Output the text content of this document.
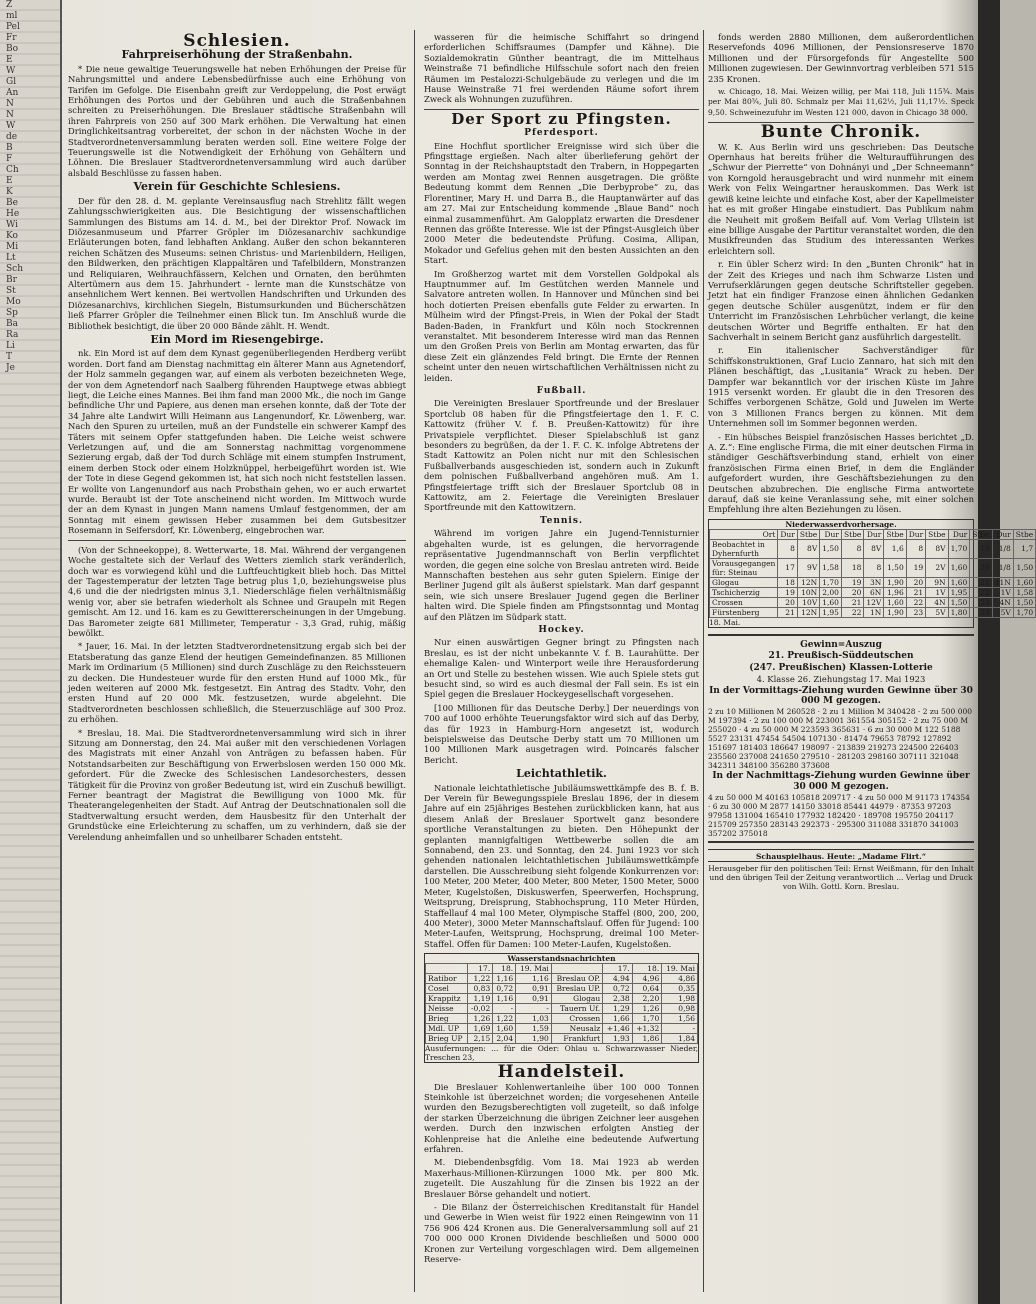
Z
ml
Pel
Fr
Bo
E
W
Gl
An
N
N
W
de
B
F
Ch
E
K
Be
He
Wi
Ko
Mi
Lt
Sch
Br
St
Mo
Sp
Ba
Ra
Li
T
Je
Schlesien.
Fahrpreiserhöhung der Straßenbahn.

* Die neue gewaltige Teuerungswelle hat neben Erhöhungen der Preise für Nahrungsmittel und andere Lebensbedürfnisse auch eine Erhöhung von Tarifen im Gefolge. Die Eisenbahn greift zur Verdoppelung, die Post erwägt Erhöhungen des Portos und der Gebühren und auch die Straßenbahnen schreiten zu Preiserhöhungen. Die Breslauer städtische Straßenbahn will ihren Fahrpreis von 250 auf 300 Mark erhöhen. Die Verwaltung hat einen Dringlichkeitsantrag vorbereitet, der schon in der nächsten Woche in der Stadtverordnetenversammlung beraten werden soll. Eine weitere Folge der Teuerungswelle ist die Notwendigkeit der Erhöhung von Gehältern und Löhnen. Die Breslauer Stadtverordnetenversammlung wird auch darüber alsbald Beschlüsse zu fassen haben.

Verein für Geschichte Schlesiens.

Der für den 28. d. M. geplante Vereinsausflug nach Strehlitz fällt wegen Zahlungsschwierigkeiten aus. Die Besichtigung der wissenschaftlichen Sammlungen des Bistums am 14. d. M., bei der Direktor Prof. Nowack im Diözesanmuseum und Pfarrer Gröpler im Diözesanarchiv sachkundige Erläuterungen boten, fand lebhaften Anklang. Außer den schon bekannteren reichen Schätzen des Museums: seinen Christus- und Marienbildern, Heiligen, den Bildwerken, den prächtigen Klappaltären und Tafelbildern, Monstranzen und Reliquiaren, Weihrauchfässern, Kelchen und Ornaten, den berühmten Altertümern aus dem 15. Jahrhundert - lernte man die Kunstschätze von ansehnlichem Wert kennen. Bei wertvollen Handschriften und Urkunden des Diözesanarchivs, kirchlichen Siegeln, Bistumsurkunden und Bücherschätzen ließ Pfarrer Gröpler die Teilnehmer einen Blick tun. Im Anschluß wurde die Bibliothek besichtigt, die über 20 000 Bände zählt. H. Wendt.

Ein Mord im Riesengebirge.

nk. Ein Mord ist auf dem dem Kynast gegenüberliegenden Herdberg verübt worden. Dort fand am Dienstag nachmittag ein älterer Mann aus Agnetendorf, der Holz sammeln gegangen war, auf einem als verboten bezeichneten Wege, der von dem Agnetendorf nach Saalberg führenden Hauptwege etwas abbiegt liegt, die Leiche eines Mannes. Bei ihm fand man 2000 Mk., die noch im Gange befindliche Uhr und Papiere, aus denen man ersehen konnte, daß der Tote der 34 Jahre alte Landwirt Willi Heimann aus Langenundorf, Kr. Löwenberg, war. Nach den Spuren zu urteilen, muß an der Fundstelle ein schwerer Kampf des Täters mit seinem Opfer stattgefunden haben. Die Leiche weist schwere Verletzungen auf, und die am Sonnerstag nachmittag vorgenommene Sezierung ergab, daß der Tod durch Schläge mit einem stumpfen Instrument, einem derben Stock oder einem Holzknüppel, herbeigeführt worden ist. Wie der Tote in diese Gegend gekommen ist, hat sich noch nicht feststellen lassen. Er wollte von Langenundorf aus nach Probsthain gehen, wo er auch erwartet wurde. Beraubt ist der Tote anscheinend nicht worden. Im Mittwoch wurde der an dem Kynast in jungen Mann namens Umlauf festgenommen, der am Sonntag mit einem gewissen Heber zusammen bei dem Gutsbesitzer Rosemann in Seifersdorf, Kr. Löwenberg, eingebrochen war.

(Von der Schneekoppe), 8. Wetterwarte, 18. Mai. Während der vergangenen Woche gestaltete sich der Verlauf des Wetters ziemlich stark veränderlich, doch war es vorwiegend kühl und die Luftfeuchtigkeit blieb hoch. Das Mittel der Tagestemperatur der letzten Tage betrug plus 1,0, beziehungsweise plus 4,6 und die der niedrigsten minus 3,1. Niederschläge fielen verhältnismäßig wenig vor, aber sie betrafen wiederholt als Schnee und Graupeln mit Regen gemischt. Am 12. und 16. kam es zu Gewittererscheinungen in der Umgebung. Das Barometer zeigte 681 Millimeter, Temperatur - 3,3 Grad, ruhig, mäßig bewölkt.

* Jauer, 16. Mai. In der letzten Stadtverordnetensitzung ergab sich bei der Etatsberatung das ganze Elend der heutigen Gemeindefinanzen. 85 Millionen Mark im Ordinarium (5 Millionen) sind durch Zuschläge zu den Reichssteuern zu decken. Die Hundesteuer wurde für den ersten Hund auf 1000 Mk., für jeden weiteren auf 2000 Mk. festgesetzt. Ein Antrag des Stadtv. Vohr, den ersten Hund auf 20 000 Mk. festzusetzen, wurde abgelehnt. Die Stadtverordneten beschlossen schließlich, die Steuerzuschläge auf 300 Proz. zu erhöhen.

* Breslau, 18. Mai. Die Stadtverordnetenversammlung wird sich in ihrer Sitzung am Donnerstag, den 24. Mai außer mit den verschiedenen Vorlagen des Magistrats mit einer Anzahl von Anträgen zu befassen haben. Für Notstandsarbeiten zur Beschäftigung von Erwerbslosen werden 150 000 Mk. gefordert. Für die Zwecke des Schlesischen Landesorchesters, dessen Tätigkeit für die Provinz von großer Bedeutung ist, wird ein Zuschuß bewilligt. Ferner beantragt der Magistrat die Bewilligung von 1000 Mk. für Theaterangelegenheiten der Stadt. Auf Antrag der Deutschnationalen soll die Stadtverwaltung ersucht werden, dem Hausbesitz für den Unterhalt der Grundstücke eine Erleichterung zu schaffen, um zu verhindern, daß sie der Verelendung anheimfallen und so unheilbarer Schaden entsteht.

wasseren für die heimische Schiffahrt so dringend erforderlichen Schiffsraumes (Dampfer und Kähne). Die Sozialdemokratin Günther beantragt, die im Mittelhaus Weinstraße 71 befindliche Hilfsschule sofort nach den freien Räumen im Pestalozzi-Schulgebäude zu verlegen und die im Hause Weinstraße 71 frei werdenden Räume sofort ihrem Zweck als Wohnungen zuzuführen.

Der Sport zu Pfingsten.
Pferdesport.

Eine Hochflut sportlicher Ereignisse wird sich über die Pfingsttage ergießen. Nach alter überlieferung gehört der Sonntag in der Reichshauptstadt den Trabern, in Hoppegarten werden am Montag zwei Rennen ausgetragen. Die größte Bedeutung kommt dem Rennen „Die Derbyprobe“ zu, das Florentiner, Mary H. und Darra B., die Hauptanwärter auf das am 27. Mai zur Entscheidung kommende „Blaue Band“ noch einmal zusammenführt. Am Galopplatz erwarten die Dresdener Rennen das größte Interesse. Wie ist der Pfingst-Ausgleich über 2000 Meter die bedeutendste Prüfung. Cosima, Allipan, Mokador und Gefelius gehen mit den besten Aussichten an den Start.

Im Großherzog wartet mit dem Vorstellen Goldpokal als Hauptnummer auf. Im Gestütchen werden Mannele und Salvatore antreten wollen. In Hannover und München sind bei hoch dotierten Preisen ebenfalls gute Felder zu erwarten. In Mülheim wird der Pfingst-Preis, in Wien der Pokal der Stadt Baden-Baden, in Frankfurt und Köln noch Stockrennen veranstaltet. Mit besonderem Interesse wird man das Rennen um den Großen Preis von Berlin am Montag erwarten, das für diese Zeit ein glänzendes Feld bringt. Die Ernte der Rennen scheint unter den neuen wirtschaftlichen Verhältnissen nicht zu leiden.

Fußball.

Die Vereinigten Breslauer Sportfreunde und der Breslauer Sportclub 08 haben für die Pfingstfeiertage den 1. F. C. Kattowitz (früher V. f. B. Preußen-Kattowitz) für ihre Privatspiele verpflichtet. Dieser Spielabschluß ist ganz besonders zu begrüßen, da der 1. F. C. K. infolge Abtretens der Stadt Kattowitz an Polen nicht nur mit den Schlesischen Fußballverbands ausgeschieden ist, sondern auch in Zukunft dem polnischen Fußballverband angehören muß. Am 1. Pfingstfeiertage trifft sich der Breslauer Sportclub 08 in Kattowitz, am 2. Feiertage die Vereinigten Breslauer Sportfreunde mit den Kattowitzern.

Tennis.

Während im vorigen Jahre ein Jugend-Tennisturnier abgehalten wurde, ist es gelungen, die hervorragende repräsentative Jugendmannschaft von Berlin verpflichtet worden, die gegen eine solche von Breslau antreten wird. Beide Mannschaften bestehen aus sehr guten Spielern. Einige der Berliner Jugend gilt als äußerst spielstark. Man darf gespannt sein, wie sich unsere Breslauer Jugend gegen die Berliner halten wird. Die Spiele finden am Pfingstsonntag und Montag auf den Plätzen im Südpark statt.

Hockey.

Nur einen auswärtigen Gegner bringt zu Pfingsten nach Breslau, es ist der nicht unbekannte V. f. B. Laurahütte. Der ehemalige Kalen- und Winterport weile ihre Herausforderung an Ort und Stelle zu bestehen wissen. Wie auch Spiele stets gut besucht sind, so wird es auch diesmal der Fall sein. Es ist ein Spiel gegen die Breslauer Hockeygesellschaft vorgesehen.

[100 Millionen für das Deutsche Derby.] Der neuerdings von 700 auf 1000 erhöhte Teuerungsfaktor wird sich auf das Derby, das für 1923 in Hamburg-Horn angesetzt ist, wodurch beispielsweise das Deutsche Derby statt um 70 Millionen um 100 Millionen Mark ausgetragen wird. Poincarés falscher Bericht.

Leichtathletik.

Nationale leichtathletische Jubiläumswettkämpfe des B. f. B. Der Verein für Bewegungsspiele Breslau 1896, der in diesem Jahre auf ein 25jähriges Bestehen zurückblicken kann, hat aus diesem Anlaß der Breslauer Sportwelt ganz besondere sportliche Veranstaltungen zu bieten. Den Höhepunkt der geplanten mannigfaltigen Wettbewerbe sollen die am Sonnabend, den 23. und Sonntag, den 24. Juni 1923 vor sich gehenden nationalen leichtathletischen Jubiläumswettkämpfe darstellen. Die Ausschreibung sieht folgende Konkurrenzen vor: 100 Meter, 200 Meter, 400 Meter, 800 Meter, 1500 Meter, 5000 Meter, Kugelstoßen, Diskuswerfen, Speerwerfen, Hochsprung, Weitsprung, Dreisprung, Stabhochsprung, 110 Meter Hürden, Staffellauf 4 mal 100 Meter, Olympische Staffel (800, 200, 200, 400 Meter), 3000 Meter Mannschaftslauf. Offen für Jugend: 100 Meter-Laufen, Weitsprung, Hochsprung, dreimal 100 Meter-Staffel. Offen für Damen: 100 Meter-Laufen, Kugelstoßen.

Wasserstandsnachrichten
	17.	18.	19. Mai		17.	18.	19. Mai
Ratibor	1,22	1,16	1,16	Breslau OP.	4,94	4,96	4,86
Cosel	0,83	0,72	0,91	Breslau UP.	0,72	0,64	0,35
Krappitz	1,19	1,16	0,91	Glogau	2,38	2,20	1,98
Neisse	-0,02	-	-	Tauern Uf.	1,29	1,26	0,98
Brieg	1,26	1,22	1,03	Crossen	1,66	1,70	1,56
Mdl. UP	1,69	1,60	1,59	Neusalz	+1,46	+1,32	-
Brieg UP	2,15	2,04	1,90	Frankfurt	1,93	1,86	1,84
Ausufernungen: ... für die Oder: Ohlau u. Schwarzwasser Nieder, Treschen 23,
Handelsteil.

Die Breslauer Kohlenwertanleihe über 100 000 Tonnen Steinkohle ist überzeichnet worden; die vorgesehenen Anteile wurden den Bezugsberechtigten voll zugeteilt, so daß infolge der starken Überzeichnung die übrigen Zeichner leer ausgehen werden. Durch den inzwischen erfolgten Anstieg der Kohlenpreise hat die Anleihe eine bedeutende Aufwertung erfahren.

M. Diebendenbsgfdig. Vom 18. Mai 1923 ab werden Maxerhaus-Millionen-Kürzungen 1000 Mk. per 800 Mk. zugeteilt. Die Auszahlung für die Zinsen bis 1922 an der Breslauer Börse gehandelt und notiert.

- Die Bilanz der Österreichischen Kreditanstalt für Handel und Gewerbe in Wien weist für 1922 einen Reingewinn von 11 756 906 424 Kronen aus. Die Generalversammlung soll auf 21 700 000 000 Kronen Dividende beschließen und 5000 000 Kronen zur Verteilung vorgeschlagen wird. Dem allgemeinen Reserve-

fonds werden 2880 Millionen, dem außerordentlichen Reservefonds 4096 Millionen, der Pensionsreserve 1870 Millionen und der Fürsorgefonds für Angestellte 500 Millionen zugewiesen. Der Gewinnvortrag verbleiben 571 515 235 Kronen.

w. Chicago, 18. Mai. Weizen willig, per Mai 118, Juli 115¾. Mais per Mai 80¾, Juli 80. Schmalz per Mai 11,62½, Juli 11,17½. Speck 9,50. Schweinezufuhr im Westen 121 000, davon in Chicago 38 000.

Bunte Chronik.

W. K. Aus Berlin wird uns geschrieben: Das Deutsche Opernhaus hat bereits früher die Welturaufführungen des „Schwur der Pierrette“ von Dohnányi und „Der Schneemann“ von Korngold herausgebracht und wird nunmehr mit einem Werk von Felix Weingartner herauskommen. Das Werk ist gewiß keine leichte und einfache Kost, aber der Kapellmeister hat es mit großer Hingabe einstudiert. Das Publikum nahm die Neuheit mit großem Beifall auf. Vom Verlag Ullstein ist eine billige Ausgabe der Partitur veranstaltet worden, die den Musikfreunden das Studium des interessanten Werkes erleichtern soll.

r. Ein übler Scherz wird: In den „Bunten Chronik“ hat in der Zeit des Krieges und nach ihm Schwarze Listen und Verrufserklärungen gegen deutsche Schriftsteller gegeben. Jetzt hat ein findiger Franzose einen ähnlichen Gedanken gegen deutsche Schüler ausgenützt, indem er für den Unterricht im Französischen Lehrbücher verlangt, die keine deutschen Wörter und Begriffe enthalten. Er hat den Sachverhalt in seinem Bericht ganz ausführlich dargestellt.

r. Ein italienischer Sachverständiger für Schiffskonstruktionen, Graf Lucio Zannaro, hat sich mit den Plänen beschäftigt, das „Lusitania“ Wrack zu heben. Der Dampfer war bekanntlich vor der irischen Küste im Jahre 1915 versenkt worden. Er glaubt die in den Tresoren des Schiffes verborgenen Schätze, Gold und Juwelen im Werte von 3 Millionen Francs bergen zu können. Mit dem Unternehmen soll im Sommer begonnen werden.

- Ein hübsches Beispiel französischen Hasses berichtet „D. A. Z.“: Eine englische Firma, die mit einer deutschen Firma in ständiger Geschäftsverbindung stand, erhielt von einer französischen Firma einen Brief, in dem die Engländer aufgefordert wurden, ihre Geschäftsbeziehungen zu den Deutschen abzubrechen. Die englische Firma antwortete darauf, daß sie keine Veranlassung sehe, mit einer solchen Empfehlung ihre alten Beziehungen zu lösen.

Niederwasserdvorhersage.
Ort	Dur	Stbe	Dur	Stbe	Dur	Stbe	Dur	Stbe	Dur	Stbe	Dur	Stbe
Beobachtet in Dyhernfurth	8	8V	1,50	8	8V	1,6	8	8V	1,70	19	1/8	1,7
Vorausgegangen für: Steinau	17	9V	1,58	18	8	1,50	19	2V	1,60	20	1/8	1,50
Glogau	18	12N	1,70	19	3N	1,90	20	9N	1,60	21	11N	1,60
Tschicherzig	19	10N	2,00	20	6N	1,96	21	1V	1,95	22	1V	1,58
Crossen	20	10V	1,60	21	12V	1,60	22	4N	1,50	23	4N	1,50
Fürstenberg	21	12N	1,95	22	1N	1,90	23	5V	1,80	23	5V	1,70
18. Mai.
Gewinn=Auszug
21. Preußisch-Süddeutschen
(247. Preußischen) Klassen-Lotterie
4. Klasse 26. Ziehungstag 17. Mai 1923
In der Vormittags-Ziehung wurden Gewinne über 30 000 M gezogen.
2 zu 10 Millionen M 260528 · 2 zu 1 Million M 340428 · 2 zu 500 000 M 197394 · 2 zu 100 000 M 223001 361554 305152 · 2 zu 75 000 M 255020 · 4 zu 50 000 M 223593 365631 · 6 zu 30 000 M 122 5188 5527 23131 47454 54504 107130 · 81474 79653 78792 127892 151697 181403 186647 198097 · 213839 219273 224500 226403 235560 237008 241650 279510 · 281203 298160 307111 321048 342311 348100 356280 373608
In der Nachmittags-Ziehung wurden Gewinne über 30 000 M gezogen.
4 zu 50 000 M 40163 105818 209717 · 4 zu 50 000 M 91173 174354 · 6 zu 30 000 M 2877 14150 33018 85441 44979 · 87353 97203 97958 131004 165410 177932 182420 · 189708 195750 204117 215709 257350 283143 292373 · 295300 311088 331870 341003 357202 375018
Schauspielhaus. Heute: „Madame Flirt.“
Herausgeber für den politischen Teil: Ernst Weißmann, für den Inhalt und den übrigen Teil der Zeitung verantwortlich ... Verlag und Druck von Wilh. Gottl. Korn. Breslau.
